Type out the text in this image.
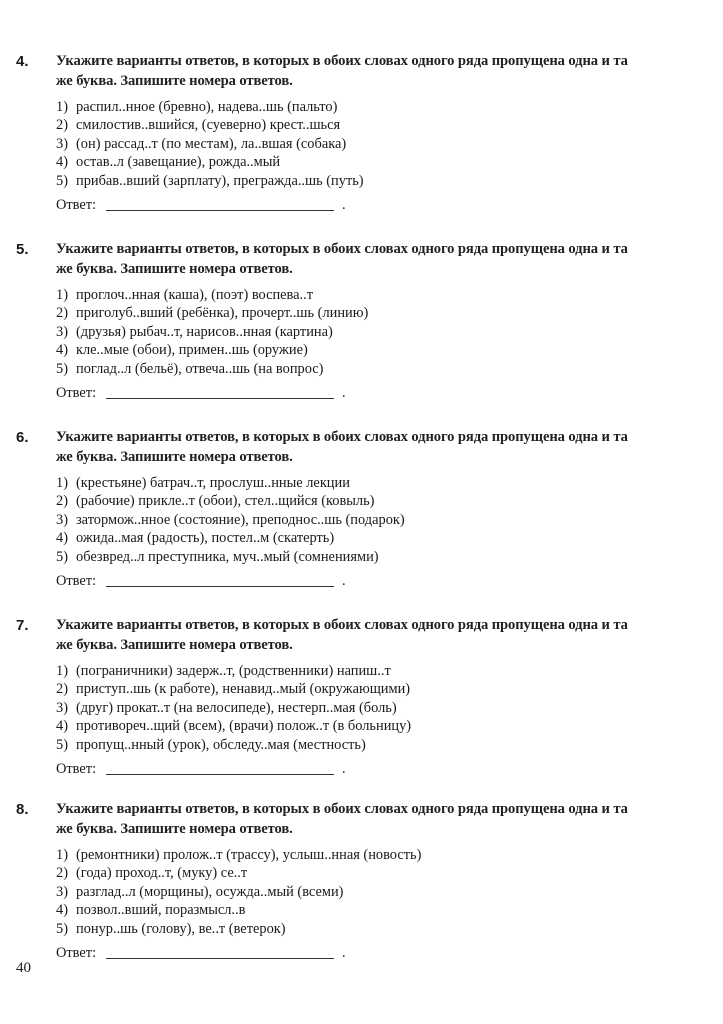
4. Укажите варианты ответов, в которых в обоих словах одного ряда пропущена одна и та
же буква. Запишите номера ответов.
1) распил..нное (бревно), надева..шь (пальто)
2) смилостив..вшийся, (суеверно) крест..шься
3) (он) рассад..т (по местам), ла..вшая (собака)
4) остав..л (завещание), рожда..мый
5) прибав..вший (зарплату), прегражда..шь (путь)
Ответ:	.
5. Укажите варианты ответов, в которых в обоих словах одного ряда пропущена одна и та
же буква. Запишите номера ответов.
1) проглоч..нная (каша), (поэт) воспева..т
2) приголуб..вший (ребёнка), прочерт..шь (линию)
3) (друзья) рыбач..т, нарисов..нная (картина)
4) кле..мые (обои), примен..шь (оружие)
5) поглад..л (бельё), отвеча..шь (на вопрос)
Ответ:	.
6. Укажите варианты ответов, в которых в обоих словах одного ряда пропущена одна и та
же буква. Запишите номера ответов.
1) (крестьяне) батрач..т, прослуш..нные лекции
2) (рабочие) прикле..т (обои), стел..щийся (ковыль)
3) затормож..нное (состояние), преподнос..шь (подарок)
4) ожида..мая (радость), постел..м (скатерть)
5) обезвред..л преступника, муч..мый (сомнениями)
Ответ:	.
7. Укажите варианты ответов, в которых в обоих словах одного ряда пропущена одна и та
же буква. Запишите номера ответов.
1) (пограничники) задерж..т, (родственники) напиш..т
2) приступ..шь (к работе), ненавид..мый (окружающими)
3) (друг) прокат..т (на велосипеде), нестерп..мая (боль)
4) противореч..щий (всем), (врачи) полож..т (в больницу)
5) пропущ..нный (урок), обследу..мая (местность)
Ответ:	.
8. Укажите варианты ответов, в которых в обоих словах одного ряда пропущена одна и та
же буква. Запишите номера ответов.
1) (ремонтники) пролож..т (трассу), услыш..нная (новость)
2) (года) проход..т, (муку) се..т
3) разглад..л (морщины), осужда..мый (всеми)
4) позвол..вший, поразмысл..в
5) понур..шь (голову), ве..т (ветерок)
Ответ:	.
40
